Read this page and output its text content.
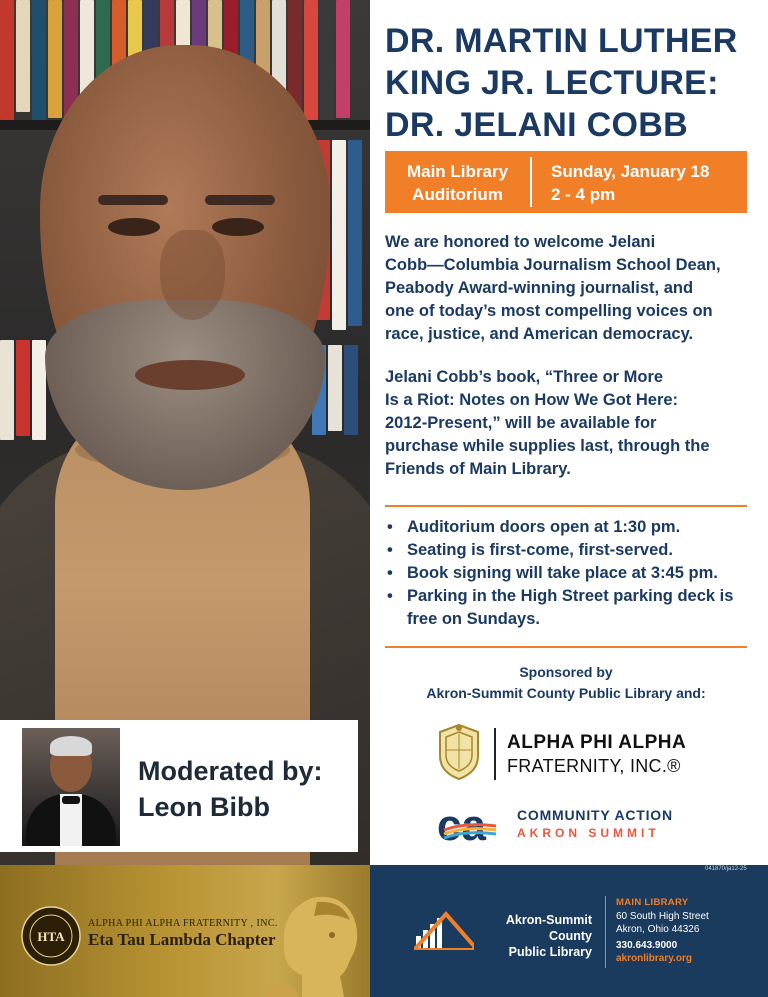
Moderated by:
Leon Bibb
DR. MARTIN LUTHER
KING JR. LECTURE:
DR. JELANI COBB
Main Library
Auditorium
Sunday, January 18
2 - 4 pm
We are honored to welcome Jelani
Cobb—Columbia Journalism School Dean,
Peabody Award-winning journalist, and
one of today’s most compelling voices on
race, justice, and American democracy.
Jelani Cobb’s book, “Three or More
Is a Riot: Notes on How We Got Here:
2012-Present,” will be available for
purchase while supplies last, through the
Friends of Main Library.
• Auditorium doors open at 1:30 pm.
• Seating is first-come, first-served.
• Book signing will take place at 3:45 pm.
• Parking in the High Street parking deck is free on Sundays.
Sponsored by
Akron-Summit County Public Library and:
ALPHA PHI ALPHA
FRATERNITY, INC.®
ca COMMUNITY ACTION
AKRON SUMMIT
HTA
ALPHA PHI ALPHA FRATERNITY , INC.
Eta Tau Lambda Chapter
041870/ja12-25
Akron-Summit County
Public Library
MAIN LIBRARY
60 South High Street
Akron, Ohio 44326
330.643.9000
akronlibrary.org
